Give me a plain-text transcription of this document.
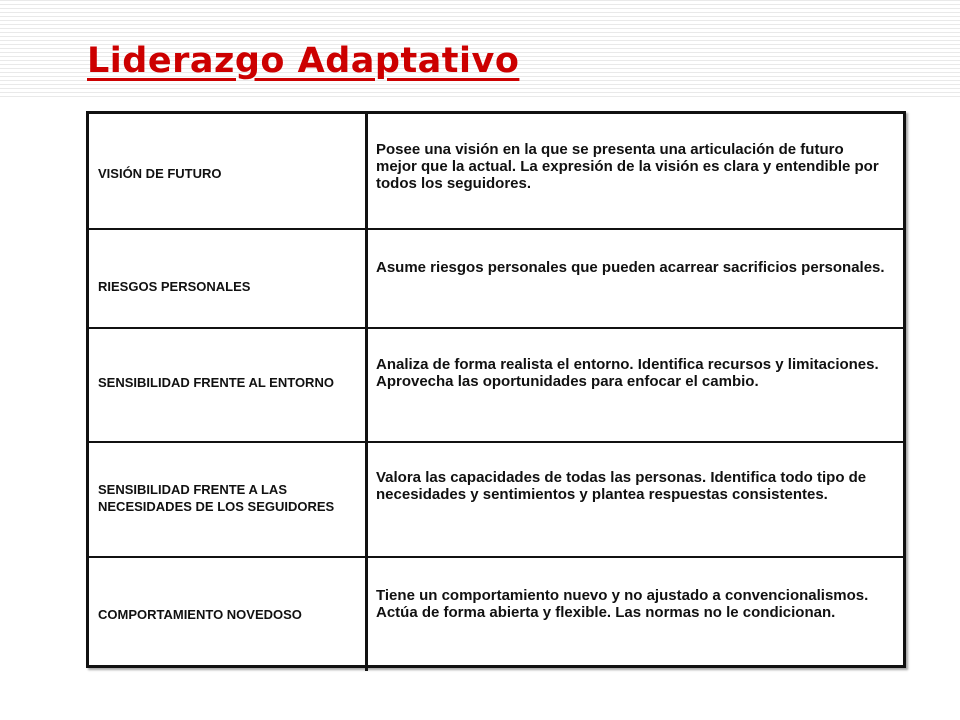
Liderazgo Adaptativo
VISIÓN DE FUTURO	Posee una visión en la que se presenta una articulación de futuro mejor que la actual. La expresión de la visión es clara y entendible por todos los seguidores.

RIESGOS PERSONALES	Asume riesgos personales que pueden acarrear sacrificios personales.

SENSIBILIDAD FRENTE AL ENTORNO	Analiza de forma realista el entorno. Identifica recursos y limitaciones. Aprovecha las oportunidades para enfocar el cambio.

SENSIBILIDAD FRENTE A LAS NECESIDADES DE LOS SEGUIDORES	Valora las capacidades de todas las personas. Identifica todo tipo de necesidades y sentimientos y plantea respuestas consistentes.

COMPORTAMIENTO NOVEDOSO	Tiene un comportamiento nuevo y no ajustado a convencionalismos. Actúa de forma abierta y flexible. Las normas no le condicionan.
